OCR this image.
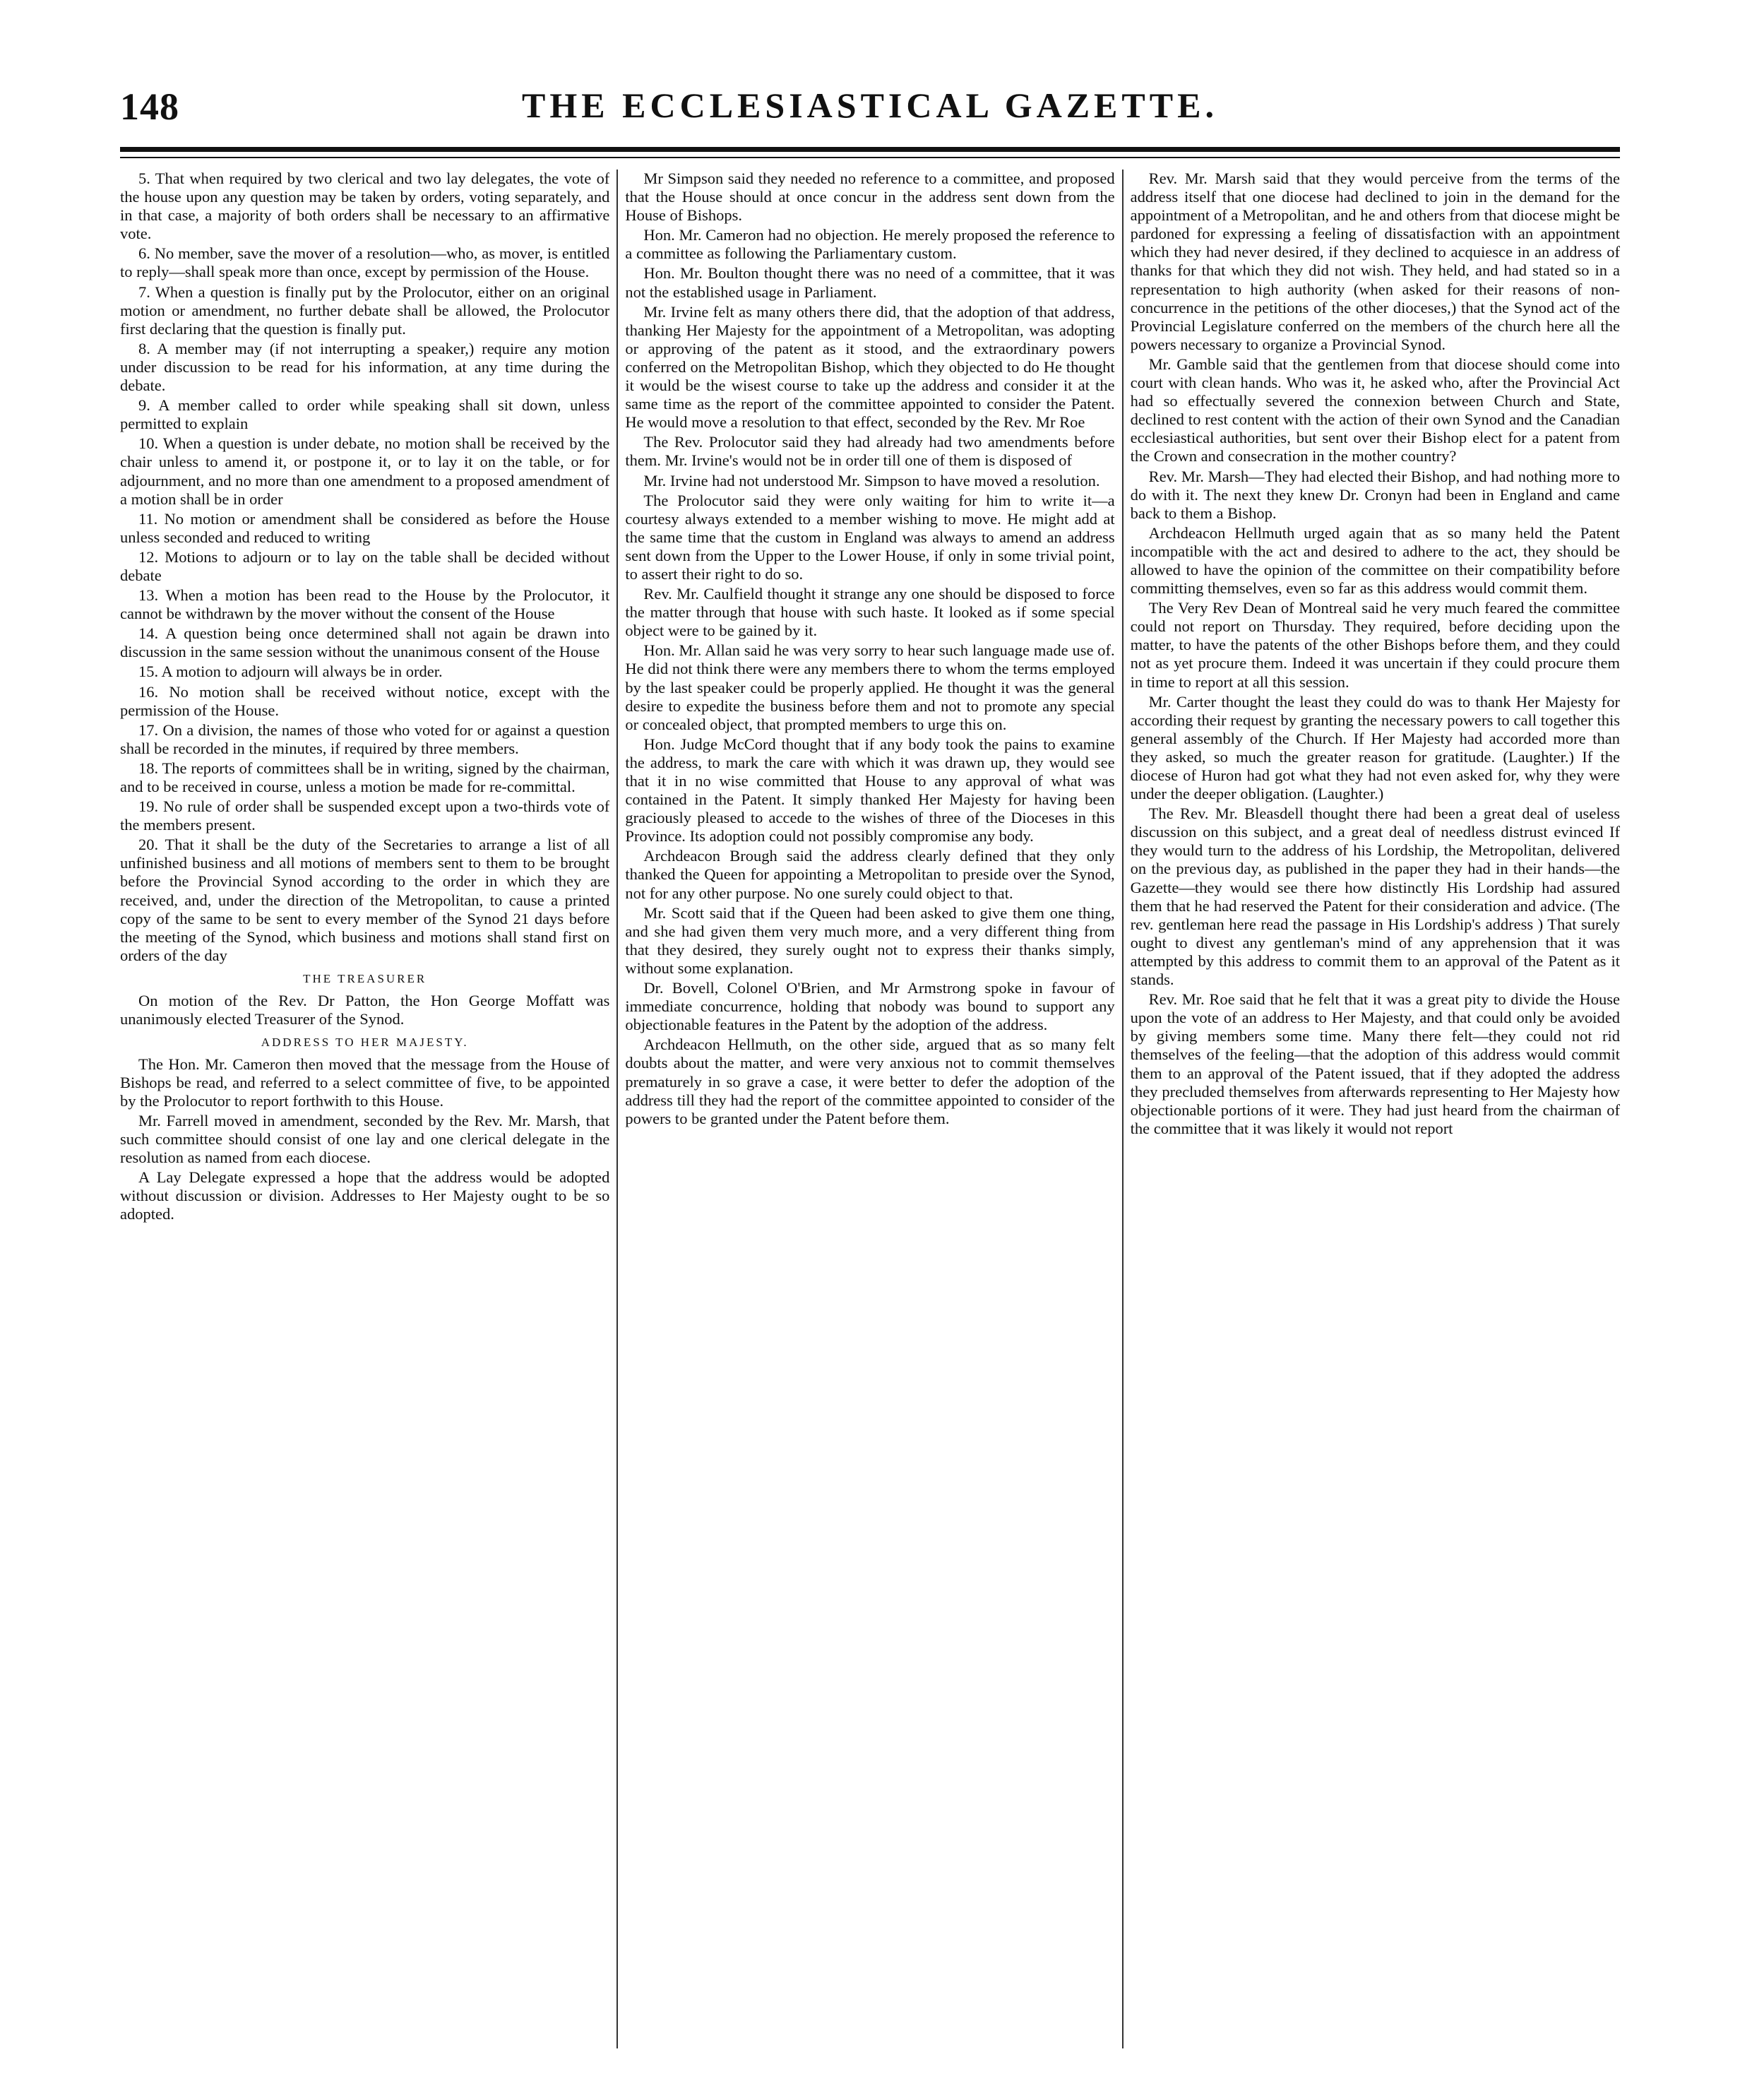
148	THE ECCLESIASTICAL GAZETTE.

5. That when required by two clerical and two lay delegates, the vote of the house upon any question may be taken by orders, voting separately, and in that case, a majority of both orders shall be necessary to an affirmative vote.

6. No member, save the mover of a resolution—who, as mover, is entitled to reply—shall speak more than once, except by permission of the House.

7. When a question is finally put by the Prolocutor, either on an original motion or amendment, no further debate shall be allowed, the Prolocutor first declaring that the question is finally put.

8. A member may (if not interrupting a speaker,) require any motion under discussion to be read for his information, at any time during the debate.

9. A member called to order while speaking shall sit down, unless permitted to explain

10. When a question is under debate, no motion shall be received by the chair unless to amend it, or postpone it, or to lay it on the table, or for adjournment, and no more than one amendment to a proposed amendment of a motion shall be in order

11. No motion or amendment shall be considered as before the House unless seconded and reduced to writing

12. Motions to adjourn or to lay on the table shall be decided without debate

13. When a motion has been read to the House by the Prolocutor, it cannot be withdrawn by the mover without the consent of the House

14. A question being once determined shall not again be drawn into discussion in the same session without the unanimous consent of the House

15. A motion to adjourn will always be in order.

16. No motion shall be received without notice, except with the permission of the House.

17. On a division, the names of those who voted for or against a question shall be recorded in the minutes, if required by three members.

18. The reports of committees shall be in writing, signed by the chairman, and to be received in course, unless a motion be made for re-committal.

19. No rule of order shall be suspended except upon a two-thirds vote of the members present.

20. That it shall be the duty of the Secretaries to arrange a list of all unfinished business and all motions of members sent to them to be brought before the Provincial Synod according to the order in which they are received, and, under the direction of the Metropolitan, to cause a printed copy of the same to be sent to every member of the Synod 21 days before the meeting of the Synod, which business and motions shall stand first on orders of the day

THE TREASURER

On motion of the Rev. Dr Patton, the Hon George Moffatt was unanimously elected Treasurer of the Synod.

ADDRESS TO HER MAJESTY.

The Hon. Mr. Cameron then moved that the message from the House of Bishops be read, and referred to a select committee of five, to be appointed by the Prolocutor to report forthwith to this House.

Mr. Farrell moved in amendment, seconded by the Rev. Mr. Marsh, that such committee should consist of one lay and one clerical delegate in the resolution as named from each diocese.

A Lay Delegate expressed a hope that the address would be adopted without discussion or division. Addresses to Her Majesty ought to be so adopted.

Mr Simpson said they needed no reference to a committee, and proposed that the House should at once concur in the address sent down from the House of Bishops.

Hon. Mr. Cameron had no objection. He merely proposed the reference to a committee as following the Parliamentary custom.

Hon. Mr. Boulton thought there was no need of a committee, that it was not the established usage in Parliament.

Mr. Irvine felt as many others there did, that the adoption of that address, thanking Her Majesty for the appointment of a Metropolitan, was adopting or approving of the patent as it stood, and the extraordinary powers conferred on the Metropolitan Bishop, which they objected to do He thought it would be the wisest course to take up the address and consider it at the same time as the report of the committee appointed to consider the Patent. He would move a resolution to that effect, seconded by the Rev. Mr Roe

The Rev. Prolocutor said they had already had two amendments before them. Mr. Irvine's would not be in order till one of them is disposed of

Mr. Irvine had not understood Mr. Simpson to have moved a resolution.

The Prolocutor said they were only waiting for him to write it—a courtesy always extended to a member wishing to move. He might add at the same time that the custom in England was always to amend an address sent down from the Upper to the Lower House, if only in some trivial point, to assert their right to do so.

Rev. Mr. Caulfield thought it strange any one should be disposed to force the matter through that house with such haste. It looked as if some special object were to be gained by it.

Hon. Mr. Allan said he was very sorry to hear such language made use of. He did not think there were any members there to whom the terms employed by the last speaker could be properly applied. He thought it was the general desire to expedite the business before them and not to promote any special or concealed object, that prompted members to urge this on.

Hon. Judge McCord thought that if any body took the pains to examine the address, to mark the care with which it was drawn up, they would see that it in no wise committed that House to any approval of what was contained in the Patent. It simply thanked Her Majesty for having been graciously pleased to accede to the wishes of three of the Dioceses in this Province. Its adoption could not possibly compromise any body.

Archdeacon Brough said the address clearly defined that they only thanked the Queen for appointing a Metropolitan to preside over the Synod, not for any other purpose. No one surely could object to that.

Mr. Scott said that if the Queen had been asked to give them one thing, and she had given them very much more, and a very different thing from that they desired, they surely ought not to express their thanks simply, without some explanation.

Dr. Bovell, Colonel O'Brien, and Mr Armstrong spoke in favour of immediate concurrence, holding that nobody was bound to support any objectionable features in the Patent by the adoption of the address.

Archdeacon Hellmuth, on the other side, argued that as so many felt doubts about the matter, and were very anxious not to commit themselves prematurely in so grave a case, it were better to defer the adoption of the address till they had the report of the committee appointed to consider of the powers to be granted under the Patent before them.

Rev. Mr. Marsh said that they would perceive from the terms of the address itself that one diocese had declined to join in the demand for the appointment of a Metropolitan, and he and others from that diocese might be pardoned for expressing a feeling of dissatisfaction with an appointment which they had never desired, if they declined to acquiesce in an address of thanks for that which they did not wish. They held, and had stated so in a representation to high authority (when asked for their reasons of non-concurrence in the petitions of the other dioceses,) that the Synod act of the Provincial Legislature conferred on the members of the church here all the powers necessary to organize a Provincial Synod.

Mr. Gamble said that the gentlemen from that diocese should come into court with clean hands. Who was it, he asked who, after the Provincial Act had so effectually severed the connexion between Church and State, declined to rest content with the action of their own Synod and the Canadian ecclesiastical authorities, but sent over their Bishop elect for a patent from the Crown and consecration in the mother country?

Rev. Mr. Marsh—They had elected their Bishop, and had nothing more to do with it. The next they knew Dr. Cronyn had been in England and came back to them a Bishop.

Archdeacon Hellmuth urged again that as so many held the Patent incompatible with the act and desired to adhere to the act, they should be allowed to have the opinion of the committee on their compatibility before committing themselves, even so far as this address would commit them.

The Very Rev Dean of Montreal said he very much feared the committee could not report on Thursday. They required, before deciding upon the matter, to have the patents of the other Bishops before them, and they could not as yet procure them. Indeed it was uncertain if they could procure them in time to report at all this session.

Mr. Carter thought the least they could do was to thank Her Majesty for according their request by granting the necessary powers to call together this general assembly of the Church. If Her Majesty had accorded more than they asked, so much the greater reason for gratitude. (Laughter.) If the diocese of Huron had got what they had not even asked for, why they were under the deeper obligation. (Laughter.)

The Rev. Mr. Bleasdell thought there had been a great deal of useless discussion on this subject, and a great deal of needless distrust evinced If they would turn to the address of his Lordship, the Metropolitan, delivered on the previous day, as published in the paper they had in their hands—the Gazette—they would see there how distinctly His Lordship had assured them that he had reserved the Patent for their consideration and advice. (The rev. gentleman here read the passage in His Lordship's address ) That surely ought to divest any gentleman's mind of any apprehension that it was attempted by this address to commit them to an approval of the Patent as it stands.

Rev. Mr. Roe said that he felt that it was a great pity to divide the House upon the vote of an address to Her Majesty, and that could only be avoided by giving members some time. Many there felt—they could not rid themselves of the feeling—that the adoption of this address would commit them to an approval of the Patent issued, that if they adopted the address they precluded themselves from afterwards representing to Her Majesty how objectionable portions of it were. They had just heard from the chairman of the committee that it was likely it would not report
